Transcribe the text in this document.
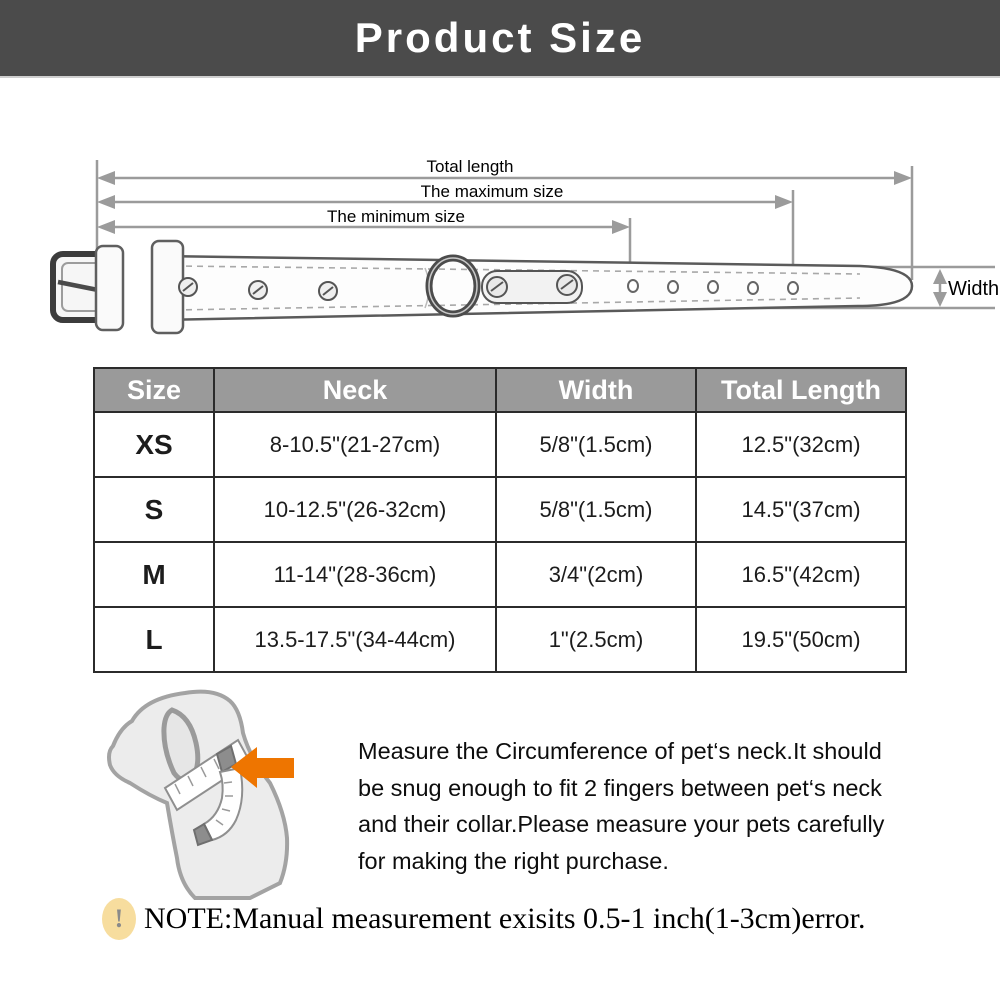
Product Size
Total length
The maximum size
The minimum size
Width
Size	Neck	Width	Total Length
XS	8-10.5"(21-27cm)	5/8"(1.5cm)	12.5"(32cm)
S	10-12.5"(26-32cm)	5/8"(1.5cm)	14.5"(37cm)
M	11-14"(28-36cm)	3/4"(2cm)	16.5"(42cm)
L	13.5-17.5"(34-44cm)	1"(2.5cm)	19.5"(50cm)
Measure the Circumference of pet‘s neck.It should
be snug enough to fit 2 fingers between pet‘s neck
and their collar.Please measure your pets carefully
for making the right purchase.
! NOTE:Manual measurement exisits 0.5-1 inch(1-3cm)error.
